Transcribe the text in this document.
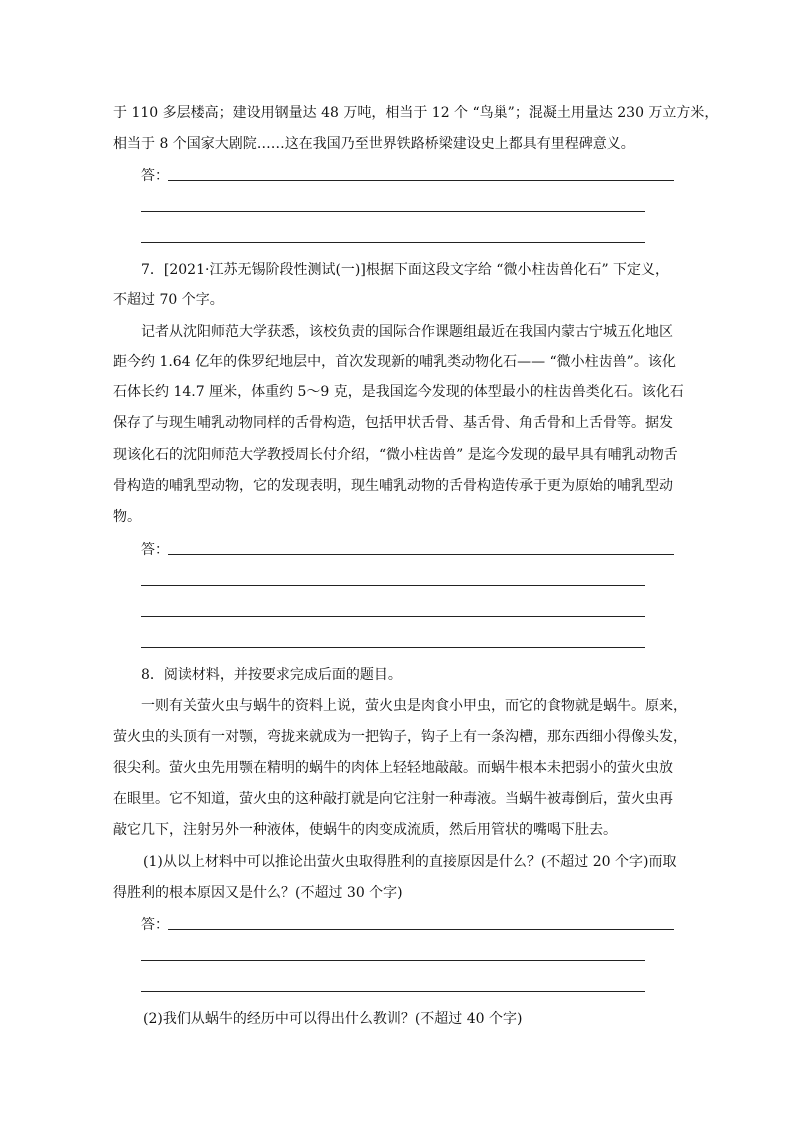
于 110 多层楼高；建设用钢量达 48 万吨，相当于 12 个 “鸟巢”；混凝土用量达 230 万立方米，
相当于 8 个国家大剧院……这在我国乃至世界铁路桥梁建设史上都具有里程碑意义。
答：
7．[2021·江苏无锡阶段性测试(一)]根据下面这段文字给 “微小柱齿兽化石” 下定义，
不超过 70 个字。
记者从沈阳师范大学获悉，该校负责的国际合作课题组最近在我国内蒙古宁城五化地区
距今约 1.64 亿年的侏罗纪地层中，首次发现新的哺乳类动物化石—— “微小柱齿兽”。该化
石体长约 14.7 厘米，体重约 5～9 克，是我国迄今发现的体型最小的柱齿兽类化石。该化石
保存了与现生哺乳动物同样的舌骨构造，包括甲状舌骨、基舌骨、角舌骨和上舌骨等。据发
现该化石的沈阳师范大学教授周长付介绍，“微小柱齿兽” 是迄今发现的最早具有哺乳动物舌
骨构造的哺乳型动物，它的发现表明，现生哺乳动物的舌骨构造传承于更为原始的哺乳型动
物。
答：
8．阅读材料，并按要求完成后面的题目。
一则有关萤火虫与蜗牛的资料上说，萤火虫是肉食小甲虫，而它的食物就是蜗牛。原来，
萤火虫的头顶有一对颚，弯拢来就成为一把钩子，钩子上有一条沟槽，那东西细小得像头发，
很尖利。萤火虫先用颚在精明的蜗牛的肉体上轻轻地敲敲。而蜗牛根本未把弱小的萤火虫放
在眼里。它不知道，萤火虫的这种敲打就是向它注射一种毒液。当蜗牛被毒倒后，萤火虫再
敲它几下，注射另外一种液体，使蜗牛的肉变成流质，然后用管状的嘴喝下肚去。
(1)从以上材料中可以推论出萤火虫取得胜利的直接原因是什么？(不超过 20 个字)而取
得胜利的根本原因又是什么？(不超过 30 个字)
答：
(2)我们从蜗牛的经历中可以得出什么教训？(不超过 40 个字)
